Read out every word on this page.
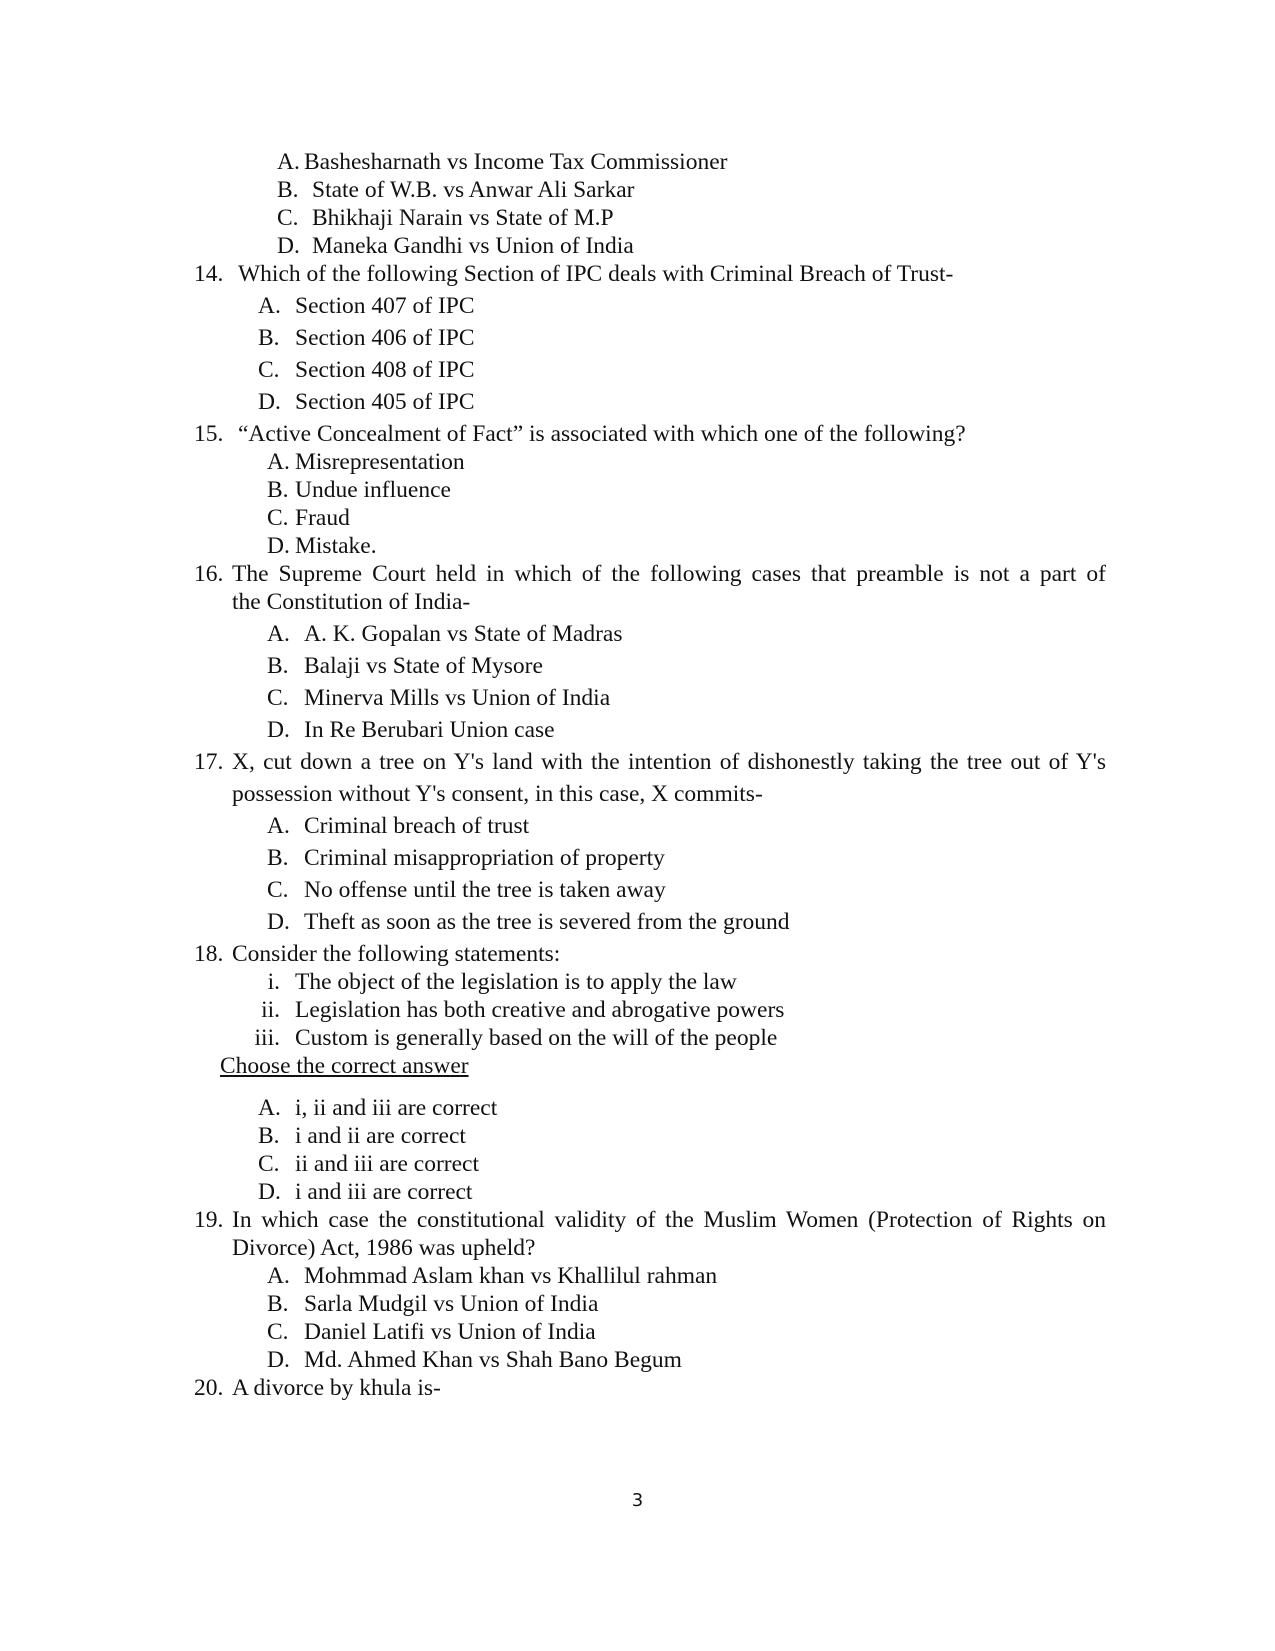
A. Bashesharnath vs Income Tax Commissioner
B. State of W.B. vs Anwar Ali Sarkar
C. Bhikhaji Narain vs State of M.P
D. Maneka Gandhi vs Union of India
14. Which of the following Section of IPC deals with Criminal Breach of Trust-
A. Section 407 of IPC
B. Section 406 of IPC
C. Section 408 of IPC
D. Section 405 of IPC
15. “Active Concealment of Fact” is associated with which one of the following?
A. Misrepresentation
B. Undue influence
C. Fraud
D. Mistake.
16. The Supreme Court held in which of the following cases that preamble is not a part of
the Constitution of India-
A. A. K. Gopalan vs State of Madras
B. Balaji vs State of Mysore
C. Minerva Mills vs Union of India
D. In Re Berubari Union case
17. X, cut down a tree on Y's land with the intention of dishonestly taking the tree out of Y's
possession without Y's consent, in this case, X commits-
A. Criminal breach of trust
B. Criminal misappropriation of property
C. No offense until the tree is taken away
D. Theft as soon as the tree is severed from the ground
18. Consider the following statements:
i. The object of the legislation is to apply the law
ii. Legislation has both creative and abrogative powers
iii. Custom is generally based on the will of the people
Choose the correct answer
A. i, ii and iii are correct
B. i and ii are correct
C. ii and iii are correct
D. i and iii are correct
19. In which case the constitutional validity of the Muslim Women (Protection of Rights on
Divorce) Act, 1986 was upheld?
A. Mohmmad Aslam khan vs Khallilul rahman
B. Sarla Mudgil vs Union of India
C. Daniel Latifi vs Union of India
D. Md. Ahmed Khan vs Shah Bano Begum
20. A divorce by khula is-
3
